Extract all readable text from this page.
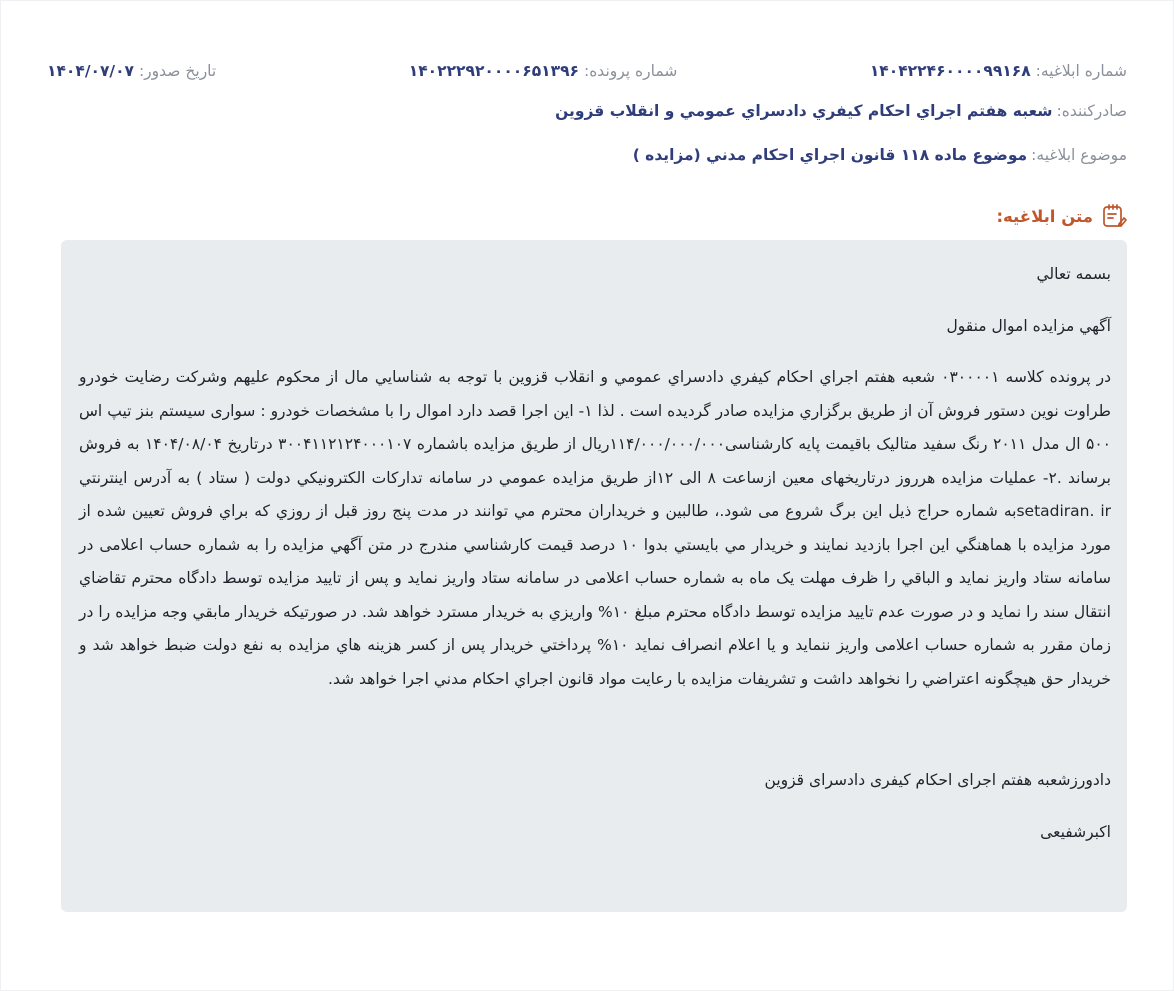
شماره ابلاغیه: ۱۴۰۴۲۲۴۶۰۰۰۰۹۹۱۶۸
شماره پرونده: ۱۴۰۲۲۲۹۲۰۰۰۰۶۵۱۳۹۶
تاریخ صدور: ۱۴۰۴/۰۷/۰۷
صادرکننده:
شعبه هفتم اجراي احکام کيفري دادسراي عمومي و انقلاب قزوين
موضوع ابلاغیه:
موضوع ماده ۱۱۸ قانون اجراي احكام مدني (مزايده )
متن ابلاغیه:

بسمه تعالي

آگهي مزايده اموال منقول

در پرونده کلاسه ۰۳۰۰۰۰۱ شعبه هفتم اجراي احكام كيفري دادسراي عمومي و انقلاب قزوين با توجه به شناسايي مال از محكوم عليهم وشركت رضايت خودرو طراوت نوين دستور فروش آن از طريق برگزاري مزايده صادر گرديده است . لذا ۱- اين اجرا قصد دارد اموال را با مشخصات خودرو : سواری سیستم بنز تیپ اس ۵۰۰ ال مدل ۲۰۱۱ رنگ سفید متالیک باقیمت پایه کارشناسی۱۱۴/۰۰۰/۰۰۰/۰۰۰ریال از طريق مزايده باشماره ۳۰۰۴۱۱۲۱۲۴۰۰۰۱۰۷ درتاریخ ۱۴۰۴/۰۸/۰۴ به فروش برساند .۲- عمليات مزايده هرروز درتاریخهای معین ازساعت ۸ الی ۱۲از طريق مزايده عمومي در سامانه تداركات الكترونيكي دولت ( ستاد ) به آدرس اينترنتي setadiran. irبه شماره حراج ذیل این برگ شروع می شود.، طالبين و خريداران محترم مي توانند در مدت پنج روز قبل از روزي كه براي فروش تعيين شده از مورد مزايده با هماهنگي اين اجرا بازديد نمايند و خريدار مي بايستي بدوا ۱۰ درصد قيمت كارشناسي مندرج در متن آگهي مزايده را به شماره حساب اعلامی در سامانه ستاد واريز نمايد و الباقي را ظرف مهلت یک ماه به شماره حساب اعلامی در سامانه ستاد واريز نمايد و پس از تاييد مزايده توسط دادگاه محترم تقاضاي انتقال سند را نمايد و در صورت عدم تاييد مزايده توسط دادگاه محترم مبلغ ۱۰% واريزي به خريدار مسترد خواهد شد. در صورتيكه خريدار مابقي وجه مزايده را در زمان مقرر به شماره حساب اعلامی واريز ننمايد و يا اعلام انصراف نمايد ۱۰% پرداختي خريدار پس از كسر هزينه هاي مزايده به نفع دولت ضبط خواهد شد و خريدار حق هيچگونه اعتراضي را نخواهد داشت و تشريفات مزايده با رعايت مواد قانون اجراي احكام مدني اجرا خواهد شد.

دادورزشعبه هفتم اجرای احکام کیفری دادسرای قزوین

اکبرشفیعی
